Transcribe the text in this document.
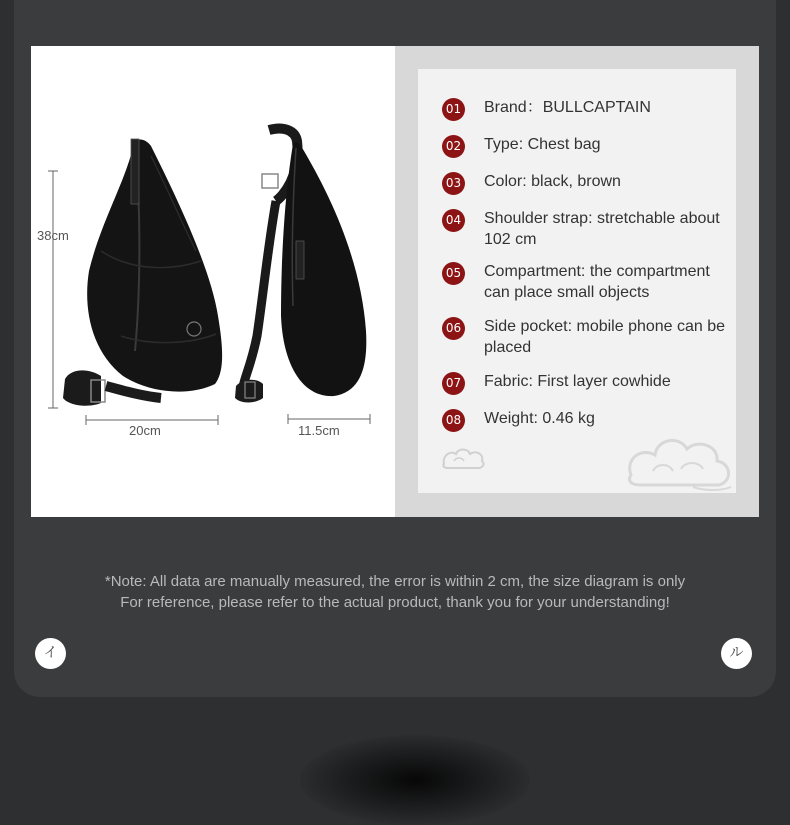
38cm
20cm	11.5cm
01 Brand：BULLCAPTAIN
02 Type: Chest bag
03 Color: black, brown
04 Shoulder strap: stretchable about 102 cm
05 Compartment: the compartment can place small objects
06 Side pocket: mobile phone can be placed
07 Fabric: First layer cowhide
08 Weight: 0.46 kg
*Note: All data are manually measured, the error is within 2 cm, the size diagram is only
For reference, please refer to the actual product, thank you for your understanding!
イ	ル
